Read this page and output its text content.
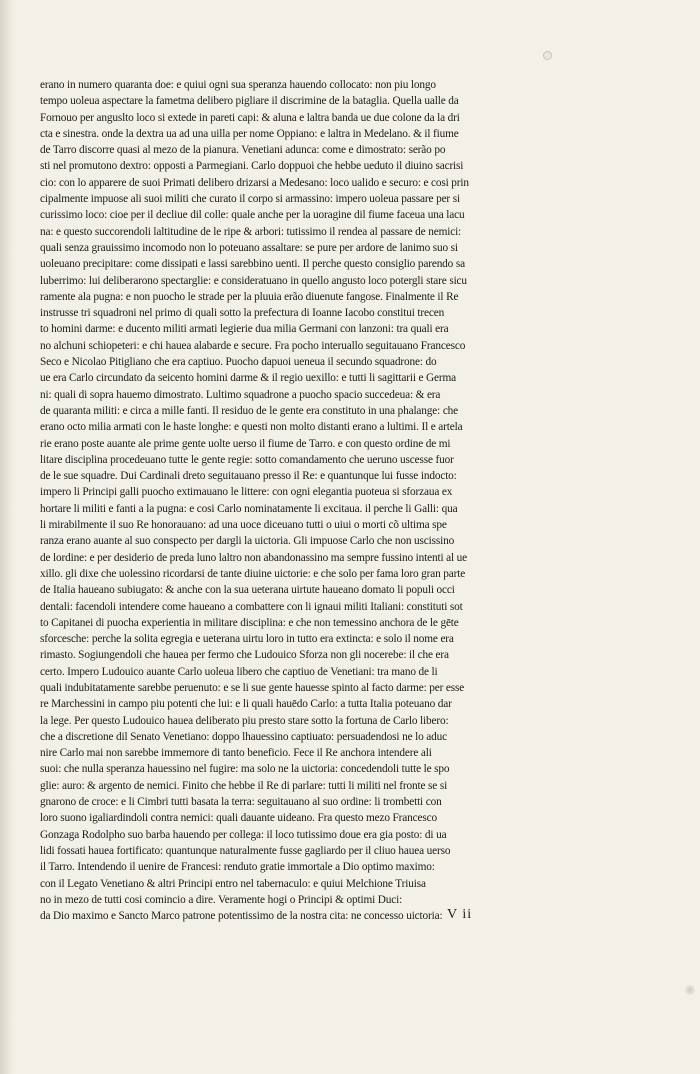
erano in numero quaranta doe: e quiui ogni sua speranza hauendo collocato: non piu longo
tempo uoleua aspectare la fametma delibero pigliare il discrimine de la bataglia. Quella ualle da
Fornouo per anguslto loco si extede in pareti capi: & aluna e laltra banda ue due colone da la dri
cta e sinestra. onde la dextra ua ad una uilla per nome Oppiano: e laltra in Medelano. & il fiume
de Tarro discorre quasi al mezo de la pianura. Venetiani adunca: come e dimostrato: serão po
sti nel promutono dextro: opposti a Parmegiani. Carlo doppuoi che hebbe ueduto il diuino sacrisi
cio: con lo apparere de suoi Primati delibero drizarsi a Medesano: loco ualido e securo: e cosi prin
cipalmente impuose ali suoi militi che curato il corpo si armassino: impero uoleua passare per si
curissimo loco: cioe per il decliue dil colle: quale anche per la uoragine dil fiume faceua una lacu
na: e questo succorendoli laltitudine de le ripe & arbori: tutissimo il rendea al passare de nemici:
quali senza grauissimo incomodo non lo poteuano assaltare: se pure per ardore de lanimo suo si
uoleuano precipitare: come dissipati e lassi sarebbino uenti. Il perche questo consiglio parendo sa
luberrimo: lui deliberarono spectarglie: e consideratuano in quello angusto loco potergli stare sicu
ramente ala pugna: e non puocho le strade per la pluuia erão diuenute fangose. Finalmente il Re
instrusse tri squadroni nel primo di quali sotto la prefectura di Ioanne Iacobo constitui trecen
to homini darme: e ducento militi armati legierie dua milia Germani con lanzoni: tra quali era
no alchuni schiopeteri: e chi hauea alabarde e secure. Fra pocho interuallo seguitauano Francesco
Seco e Nicolao Pitigliano che era captiuo. Puocho dapuoi ueneua il secundo squadrone: do
ue era Carlo circundato da seicento homini darme & il regio uexillo: e tutti li sagittarii e Germa
ni: quali di sopra hauemo dimostrato. Lultimo squadrone a puocho spacio succedeua: & era
de quaranta militi: e circa a mille fanti. Il residuo de le gente era constituto in una phalange: che
erano octo milia armati con le haste longhe: e questi non molto distanti erano a lultimi. Il e artela
rie erano poste auante ale prime gente uolte uerso il fiume de Tarro. e con questo ordine de mi
litare disciplina procedeuano tutte le gente regie: sotto comandamento che ueruno uscesse fuor
de le sue squadre. Dui Cardinali dreto seguitauano presso il Re: e quantunque lui fusse indocto:
impero li Principi galli puocho extimauano le littere: con ogni elegantia puoteua si sforzaua ex
hortare li militi e fanti a la pugna: e cosi Carlo nominatamente li excitaua. il perche li Galli: qua
li mirabilmente il suo Re honorauano: ad una uoce diceuano tutti o uiui o morti cõ ultima spe
ranza erano auante al suo conspecto per dargli la uictoria. Gli impuose Carlo che non uscissino
de lordine: e per desiderio de preda luno laltro non abandonassino ma sempre fussino intenti al ue
xillo. gli dixe che uolessino ricordarsi de tante diuine uictorie: e che solo per fama loro gran parte
de Italia haueano subiugato: & anche con la sua ueterana uirtute haueano domato li populi occi
dentali: facendoli intendere come haueano a combattere con li ignaui militi Italiani: constituti sot
to Capitanei di puocha experientia in militare disciplina: e che non temessino anchora de le gēte
sforcesche: perche la solita egregia e ueterana uirtu loro in tutto era extincta: e solo il nome era
rimasto. Sogiungendoli che hauea per fermo che Ludouico Sforza non gli nocerebe: il che era
certo. Impero Ludouico auante Carlo uoleua libero che captiuo de Venetiani: tra mano de li
quali indubitatamente sarebbe peruenuto: e se li sue gente hauesse spinto al facto darme: per esse
re Marchessini in campo piu potenti che lui: e li quali hauēdo Carlo: a tutta Italia poteuano dar
la lege. Per questo Ludouico hauea deliberato piu presto stare sotto la fortuna de Carlo libero:
che a discretione dil Senato Venetiano: doppo lhauessino captiuato: persuadendosi ne lo aduc
nire Carlo mai non sarebbe immemore di tanto beneficio. Fece il Re anchora intendere ali
suoi: che nulla speranza hauessino nel fugire: ma solo ne la uictoria: concedendoli tutte le spo
glie: auro: & argento de nemici. Finito che hebbe il Re di parlare: tutti li militi nel fronte se si
gnarono de croce: e li Cimbri tutti basata la terra: seguitauano al suo ordine: li trombetti con
loro suono igaliardindoli contra nemici: quali dauante uideano. Fra questo mezo Francesco
Gonzaga Rodolpho suo barba hauendo per collega: il loco tutissimo doue era gia posto: di ua
lidi fossati hauea fortificato: quantunque naturalmente fusse gagliardo per il cliuo hauea uerso
il Tarro. Intendendo il uenire de Francesi: renduto gratie immortale a Dio optimo maximo:
con il Legato Venetiano & altri Principi entro nel tabernaculo: e quiui Melchione Triuisa
no in mezo de tutti cosi comincio a dire. Veramente hogi o Principi & optimi Duci:
da Dio maximo e Sancto Marco patrone potentissimo de la nostra cita: ne concesso uictoria: V ii
